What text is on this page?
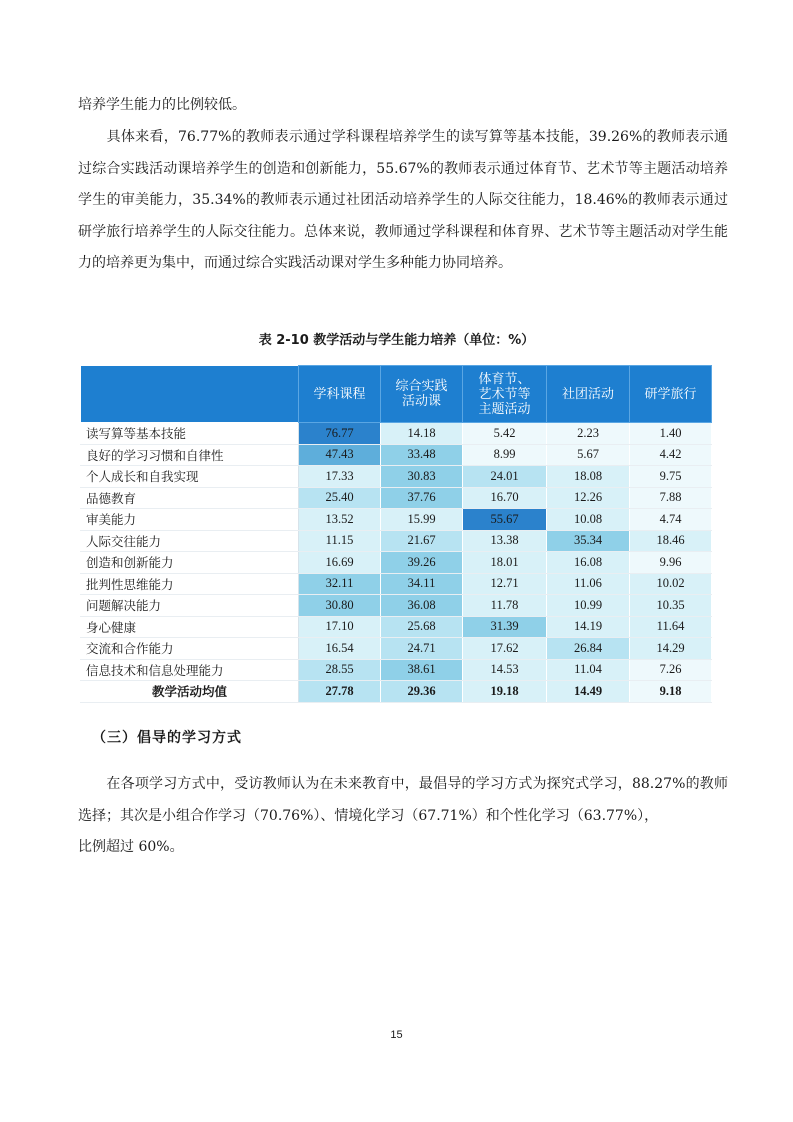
培养学生能力的比例较低。

　　具体来看，76.77%的教师表示通过学科课程培养学生的读写算等基本技能，39.26%的教师表示通过综合实践活动课培养学生的创造和创新能力，55.67%的教师表示通过体育节、艺术节等主题活动培养学生的审美能力，35.34%的教师表示通过社团活动培养学生的人际交往能力，18.46%的教师表示通过研学旅行培养学生的人际交往能力。总体来说，教师通过学科课程和体育界、艺术节等主题活动对学生能力的培养更为集中，而通过综合实践活动课对学生多种能力协同培养。

表 2-10 教学活动与学生能力培养（单位：%）
	学科课程	综合实践
活动课	体育节、
艺术节等
主题活动	社团活动	研学旅行
读写算等基本技能	76.77	14.18	5.42	2.23	1.40
良好的学习习惯和自律性	47.43	33.48	8.99	5.67	4.42
个人成长和自我实现	17.33	30.83	24.01	18.08	9.75
品德教育	25.40	37.76	16.70	12.26	7.88
审美能力	13.52	15.99	55.67	10.08	4.74
人际交往能力	11.15	21.67	13.38	35.34	18.46
创造和创新能力	16.69	39.26	18.01	16.08	9.96
批判性思维能力	32.11	34.11	12.71	11.06	10.02
问题解决能力	30.80	36.08	11.78	10.99	10.35
身心健康	17.10	25.68	31.39	14.19	11.64
交流和合作能力	16.54	24.71	17.62	26.84	14.29
信息技术和信息处理能力	28.55	38.61	14.53	11.04	7.26
教学活动均值	27.78	29.36	19.18	14.49	9.18
（三）倡导的学习方式

　　在各项学习方式中，受访教师认为在未来教育中，最倡导的学习方式为探究式学习，88.27%的教师选择；其次是小组合作学习（70.76%）、情境化学习（67.71%）和个性化学习（63.77%），
比例超过 60%。

15
